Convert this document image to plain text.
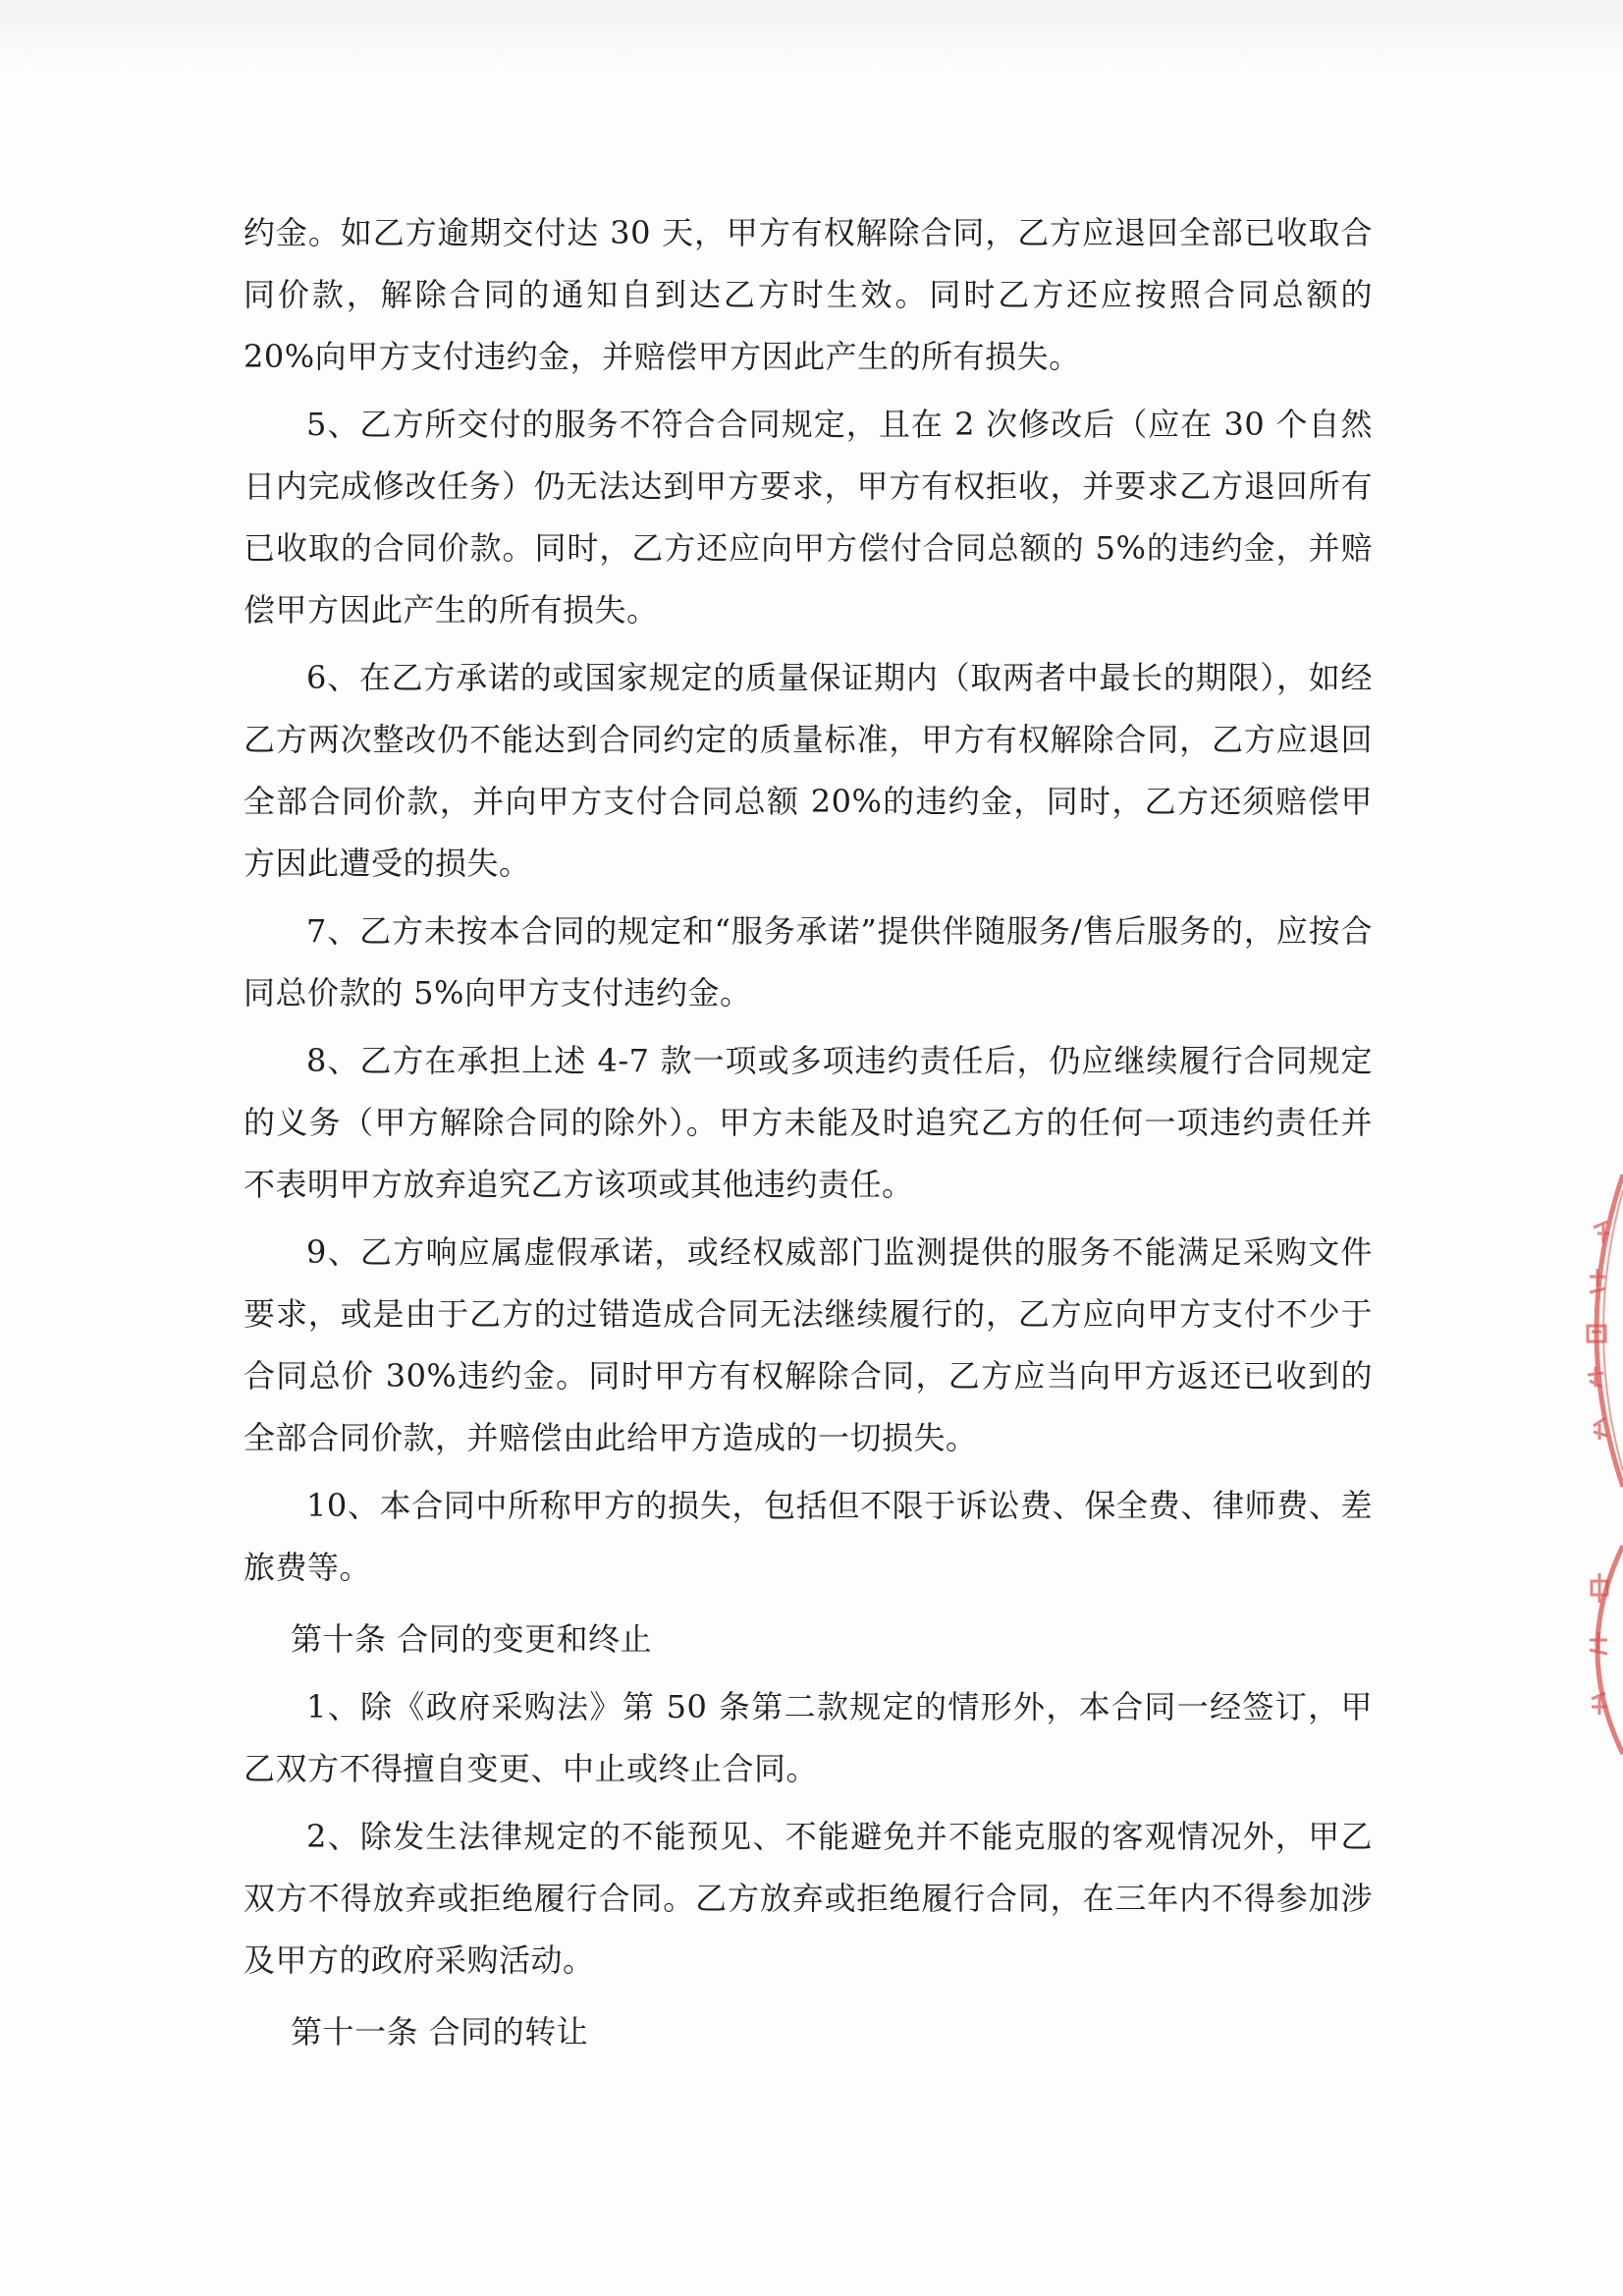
约金。如乙方逾期交付达 30 天，甲方有权解除合同，乙方应退回全部已收取合同价款，解除合同的通知自到达乙方时生效。同时乙方还应按照合同总额的 20%向甲方支付违约金，并赔偿甲方因此产生的所有损失。

5、乙方所交付的服务不符合合同规定，且在 2 次修改后（应在 30 个自然日内完成修改任务）仍无法达到甲方要求，甲方有权拒收，并要求乙方退回所有已收取的合同价款。同时，乙方还应向甲方偿付合同总额的 5%的违约金，并赔偿甲方因此产生的所有损失。

6、在乙方承诺的或国家规定的质量保证期内（取两者中最长的期限），如经乙方两次整改仍不能达到合同约定的质量标准，甲方有权解除合同，乙方应退回全部合同价款，并向甲方支付合同总额 20%的违约金，同时，乙方还须赔偿甲方因此遭受的损失。

7、乙方未按本合同的规定和“服务承诺”提供伴随服务/售后服务的，应按合同总价款的 5%向甲方支付违约金。

8、乙方在承担上述 4-7 款一项或多项违约责任后，仍应继续履行合同规定的义务（甲方解除合同的除外）。甲方未能及时追究乙方的任何一项违约责任并不表明甲方放弃追究乙方该项或其他违约责任。

9、乙方响应属虚假承诺，或经权威部门监测提供的服务不能满足采购文件要求，或是由于乙方的过错造成合同无法继续履行的，乙方应向甲方支付不少于合同总价 30%违约金。同时甲方有权解除合同，乙方应当向甲方返还已收到的全部合同价款，并赔偿由此给甲方造成的一切损失。

10、本合同中所称甲方的损失，包括但不限于诉讼费、保全费、律师费、差旅费等。

第十条 合同的变更和终止

1、除《政府采购法》第 50 条第二款规定的情形外，本合同一经签订，甲乙双方不得擅自变更、中止或终止合同。

2、除发生法律规定的不能预见、不能避免并不能克服的客观情况外，甲乙双方不得放弃或拒绝履行合同。乙方放弃或拒绝履行合同，在三年内不得参加涉及甲方的政府采购活动。

第十一条 合同的转让
